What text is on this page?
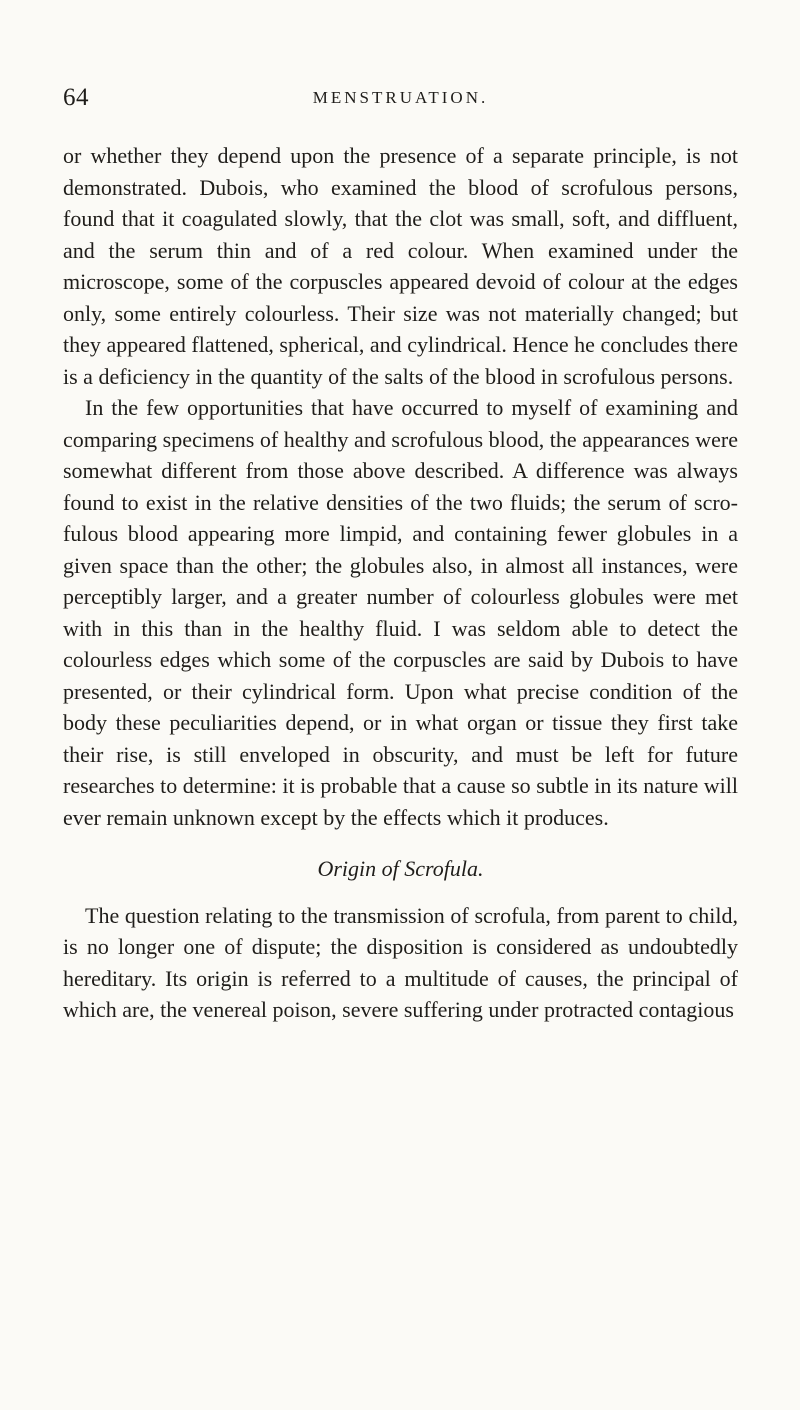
64	MENSTRUATION.

or whether they depend upon the presence of a separate principle, is not demonstrated. Dubois, who examined the blood of scrofulous persons, found that it coagulated slowly, that the clot was small, soft, and diffluent, and the serum thin and of a red colour. When examined under the microscope, some of the corpuscles appeared devoid of colour at the edges only, some entirely colourless. Their size was not materially changed; but they appeared flattened, spherical, and cylindrical. Hence he concludes there is a deficiency in the quantity of the salts of the blood in scrofulous persons.

In the few opportunities that have occurred to myself of examining and comparing specimens of healthy and scrofulous blood, the appearances were somewhat different from those above described. A difference was always found to exist in the relative densities of the two fluids; the serum of scrofulous blood appearing more limpid, and containing fewer globules in a given space than the other; the globules also, in almost all instances, were perceptibly larger, and a greater number of colourless globules were met with in this than in the healthy fluid. I was seldom able to detect the colourless edges which some of the corpuscles are said by Dubois to have presented, or their cylindrical form. Upon what precise condition of the body these peculiarities depend, or in what organ or tissue they first take their rise, is still enveloped in obscurity, and must be left for future researches to determine: it is probable that a cause so subtle in its nature will ever remain unknown except by the effects which it produces.

Origin of Scrofula.

The question relating to the transmission of scrofula, from parent to child, is no longer one of dispute; the disposition is considered as undoubtedly hereditary. Its origin is referred to a multitude of causes, the principal of which are, the venereal poison, severe suffering under protracted contagious
